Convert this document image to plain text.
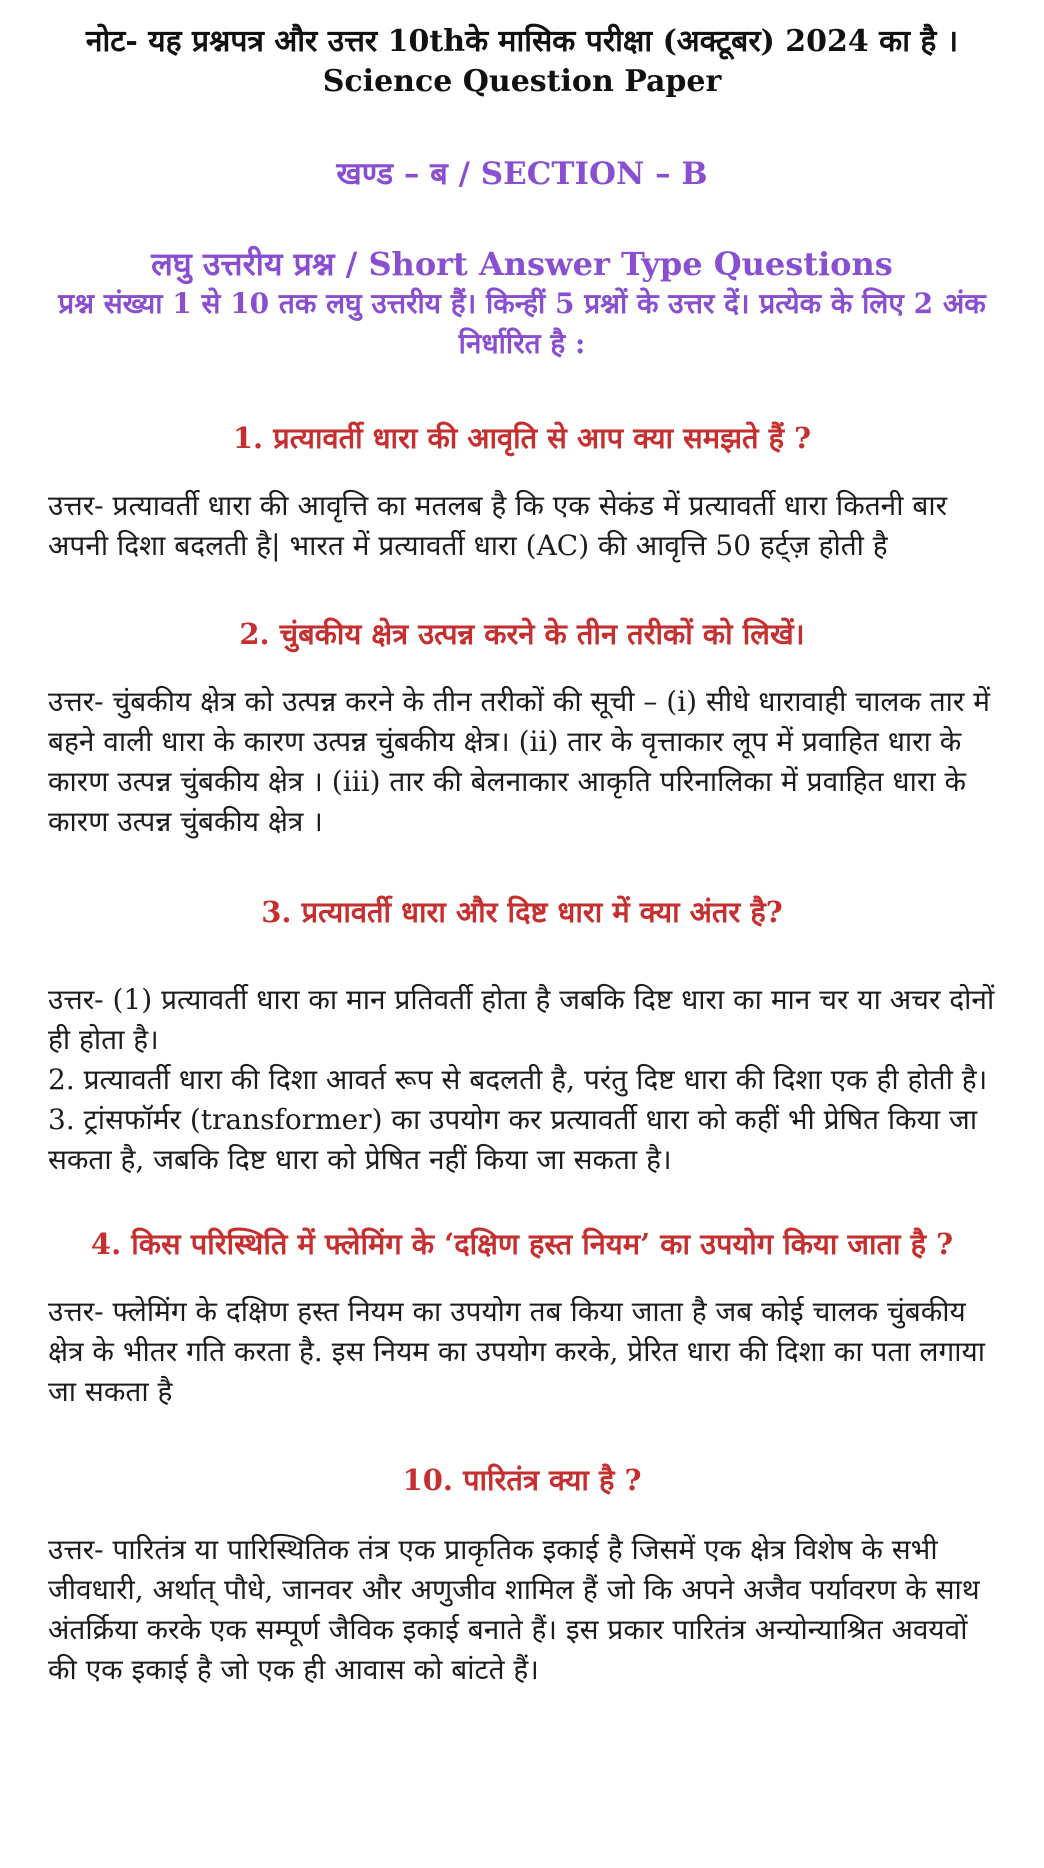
नोट- यह प्रश्नपत्र और उत्तर 10thके मासिक परीक्षा (अक्टूबर) 2024 का है ।

Science Question Paper

खण्ड – ब / SECTION – B

लघु उत्तरीय प्रश्न / Short Answer Type Questions

प्रश्न संख्या 1 से 10 तक लघु उत्तरीय हैं। किन्हीं 5 प्रश्नों के उत्तर दें। प्रत्येक के लिए 2 अंक निर्धारित है :

1. प्रत्यावर्ती धारा की आवृति से आप क्या समझते हैं ?

उत्तर- प्रत्यावर्ती धारा की आवृत्ति का मतलब है कि एक सेकंड में प्रत्यावर्ती धारा कितनी बार अपनी दिशा बदलती है| भारत में प्रत्यावर्ती धारा (AC) की आवृत्ति 50 हर्ट्ज़ होती है

2. चुंबकीय क्षेत्र उत्पन्न करने के तीन तरीकों को लिखें।

उत्तर- चुंबकीय क्षेत्र को उत्पन्न करने के तीन तरीकों की सूची – (i) सीधे धारावाही चालक तार में बहने वाली धारा के कारण उत्पन्न चुंबकीय क्षेत्र। (ii) तार के वृत्ताकार लूप में प्रवाहित धारा के कारण उत्पन्न चुंबकीय क्षेत्र । (iii) तार की बेलनाकार आकृति परिनालिका में प्रवाहित धारा के कारण उत्पन्न चुंबकीय क्षेत्र ।

3. प्रत्यावर्ती धारा और दिष्ट धारा में क्या अंतर है?

उत्तर- (1) प्रत्यावर्ती धारा का मान प्रतिवर्ती होता है जबकि दिष्ट धारा का मान चर या अचर दोनों ही होता है।

2. प्रत्यावर्ती धारा की दिशा आवर्त रूप से बदलती है, परंतु दिष्ट धारा की दिशा एक ही होती है।

3. ट्रांसफॉर्मर (transformer) का उपयोग कर प्रत्यावर्ती धारा को कहीं भी प्रेषित किया जा सकता है, जबकि दिष्ट धारा को प्रेषित नहीं किया जा सकता है।

4. किस परिस्थिति में फ्लेमिंग के ‘दक्षिण हस्त नियम’ का उपयोग किया जाता है ?

उत्तर- फ्लेमिंग के दक्षिण हस्त नियम का उपयोग तब किया जाता है जब कोई चालक चुंबकीय क्षेत्र के भीतर गति करता है. इस नियम का उपयोग करके, प्रेरित धारा की दिशा का पता लगाया जा सकता है

10. पारितंत्र क्या है ?

उत्तर- पारितंत्र या पारिस्थितिक तंत्र एक प्राकृतिक इकाई है जिसमें एक क्षेत्र विशेष के सभी जीवधारी, अर्थात् पौधे, जानवर और अणुजीव शामिल हैं जो कि अपने अजैव पर्यावरण के साथ अंतर्क्रिया करके एक सम्पूर्ण जैविक इकाई बनाते हैं। इस प्रकार पारितंत्र अन्योन्याश्रित अवयवों की एक इकाई है जो एक ही आवास को बांटते हैं।
